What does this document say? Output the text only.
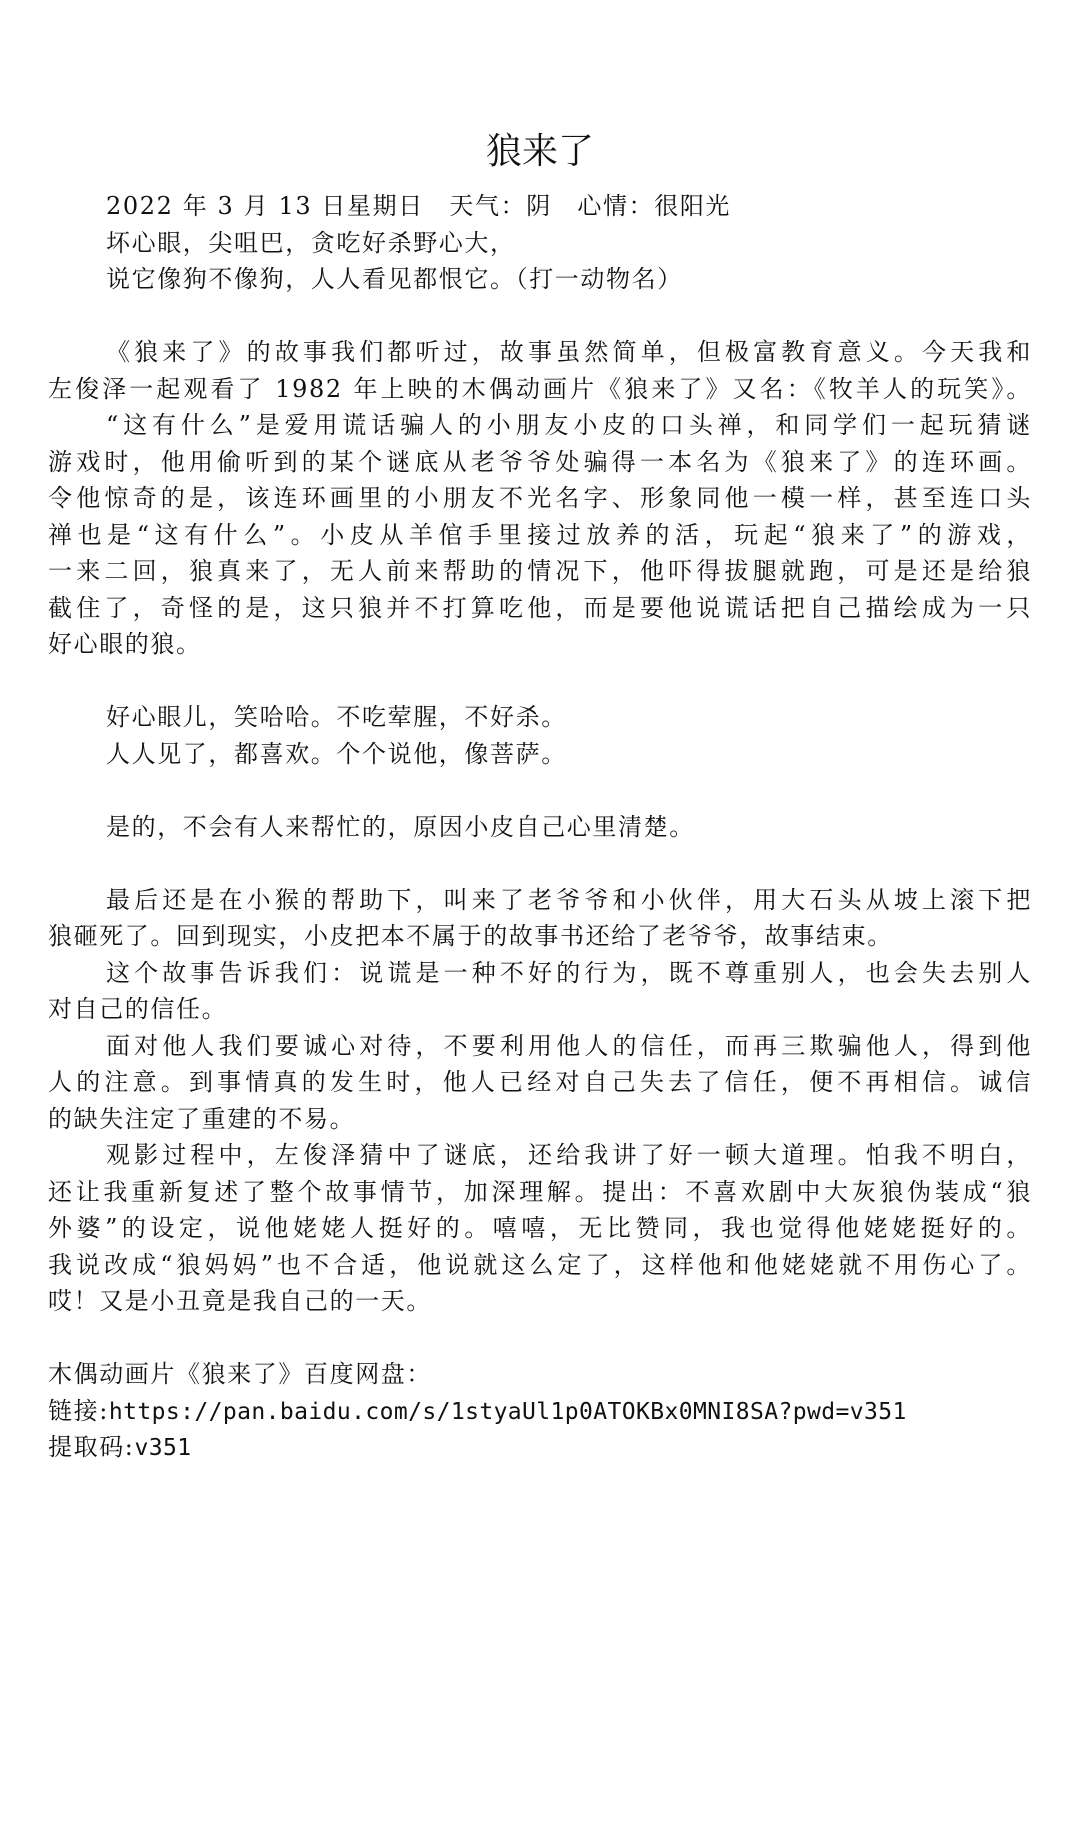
狼来了
2022 年 3 月 13 日星期日　天气：阴　心情：很阳光
坏心眼，尖咀巴，贪吃好杀野心大，
说它像狗不像狗，人人看见都恨它。（打一动物名）
《狼来了》的故事我们都听过，故事虽然简单，但极富教育意义。今天我和
左俊泽一起观看了 1982 年上映的木偶动画片《狼来了》又名：《牧羊人的玩笑》。
“这有什么”是爱用谎话骗人的小朋友小皮的口头禅，和同学们一起玩猜谜
游戏时，他用偷听到的某个谜底从老爷爷处骗得一本名为《狼来了》的连环画。
令他惊奇的是，该连环画里的小朋友不光名字、形象同他一模一样，甚至连口头
禅也是“这有什么”。小皮从羊倌手里接过放养的活，玩起“狼来了”的游戏，
一来二回，狼真来了，无人前来帮助的情况下，他吓得拔腿就跑，可是还是给狼
截住了，奇怪的是，这只狼并不打算吃他，而是要他说谎话把自己描绘成为一只
好心眼的狼。
好心眼儿，笑哈哈。不吃荤腥，不好杀。
人人见了，都喜欢。个个说他，像菩萨。
是的，不会有人来帮忙的，原因小皮自己心里清楚。
最后还是在小猴的帮助下，叫来了老爷爷和小伙伴，用大石头从坡上滚下把
狼砸死了。回到现实，小皮把本不属于的故事书还给了老爷爷，故事结束。
这个故事告诉我们：说谎是一种不好的行为，既不尊重别人，也会失去别人
对自己的信任。
面对他人我们要诚心对待，不要利用他人的信任，而再三欺骗他人，得到他
人的注意。到事情真的发生时，他人已经对自己失去了信任，便不再相信。诚信
的缺失注定了重建的不易。
观影过程中，左俊泽猜中了谜底，还给我讲了好一顿大道理。怕我不明白，
还让我重新复述了整个故事情节，加深理解。提出：不喜欢剧中大灰狼伪装成“狼
外婆”的设定，说他姥姥人挺好的。嘻嘻，无比赞同，我也觉得他姥姥挺好的。
我说改成“狼妈妈”也不合适，他说就这么定了，这样他和他姥姥就不用伤心了。
哎！又是小丑竟是我自己的一天。
木偶动画片《狼来了》百度网盘：
链接:https://pan.baidu.com/s/1styaUl1p0ATOKBx0MNI8SA?pwd=v351
提取码:v351
